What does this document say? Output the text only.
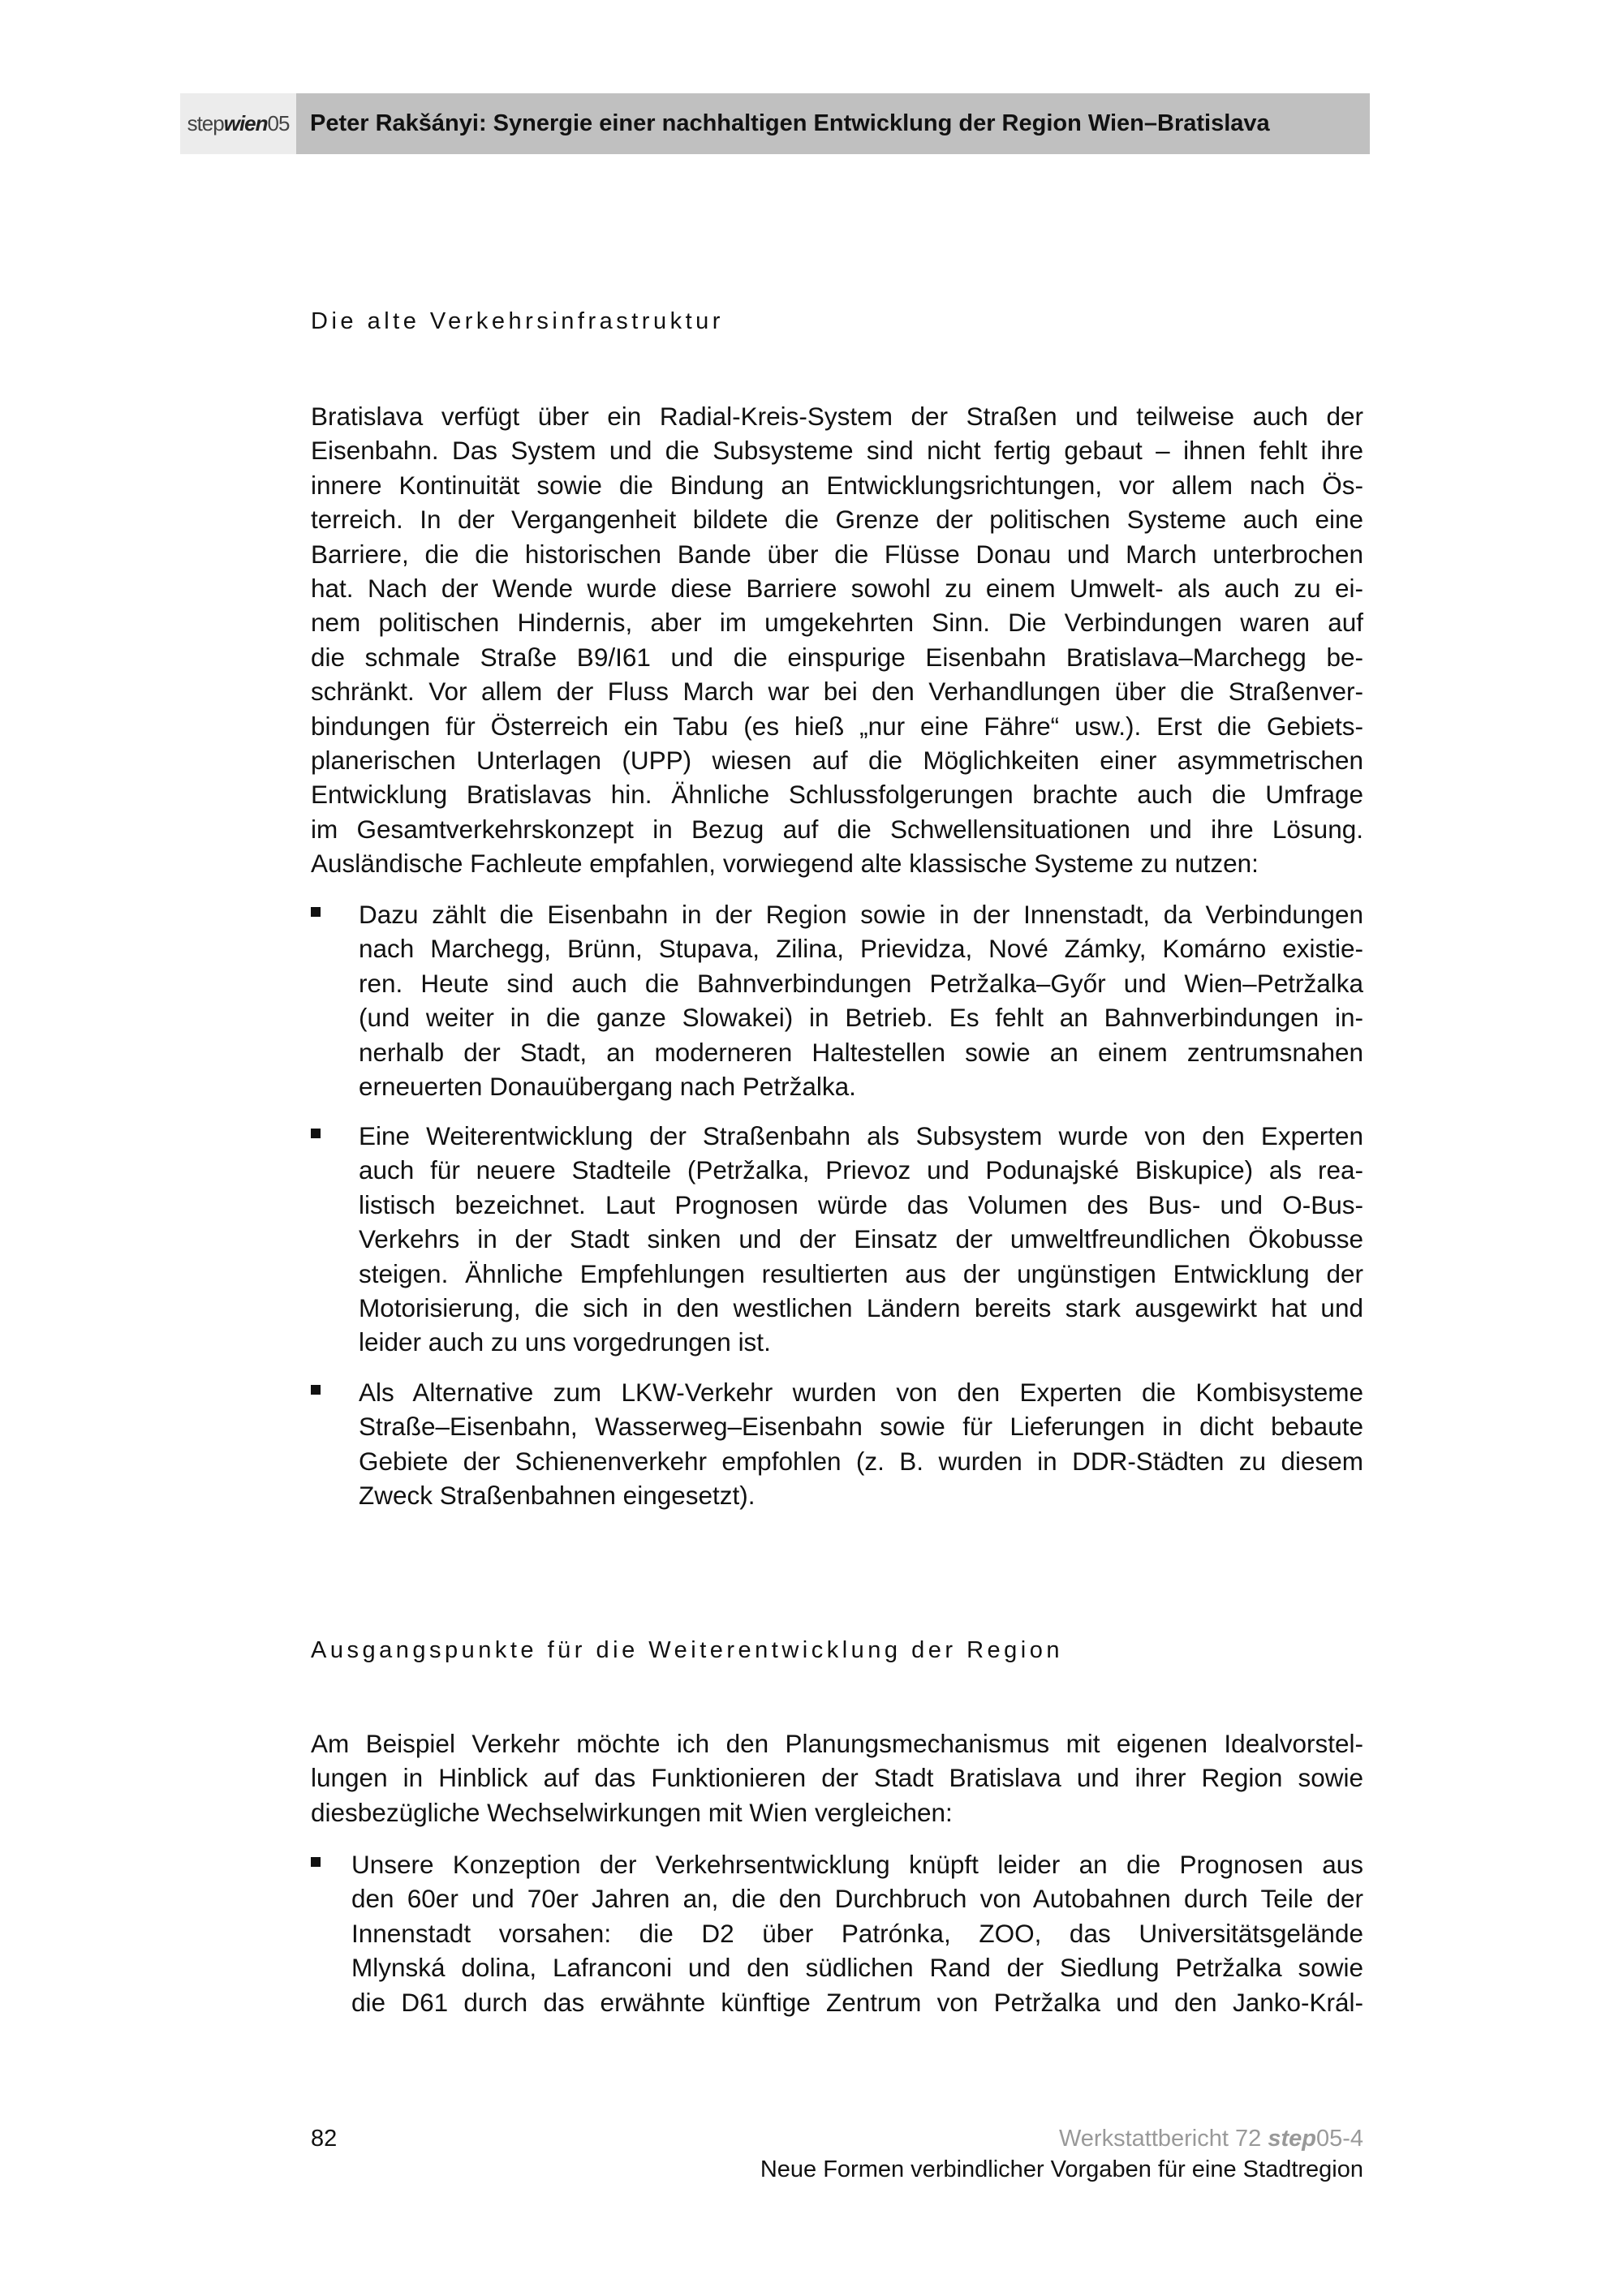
stepwien05 Peter Rakšányi: Synergie einer nachhaltigen Entwicklung der Region Wien–Bratislava
Die alte Verkehrsinfrastruktur
Bratislava verfügt über ein Radial-Kreis-System der Straßen und teilweise auch der
Eisenbahn. Das System und die Subsysteme sind nicht fertig gebaut – ihnen fehlt ihre
innere Kontinuität sowie die Bindung an Entwicklungsrichtungen, vor allem nach Ös-
terreich. In der Vergangenheit bildete die Grenze der politischen Systeme auch eine
Barriere, die die historischen Bande über die Flüsse Donau und March unterbrochen
hat. Nach der Wende wurde diese Barriere sowohl zu einem Umwelt- als auch zu ei-
nem politischen Hindernis, aber im umgekehrten Sinn. Die Verbindungen waren auf
die schmale Straße B9/I61 und die einspurige Eisenbahn Bratislava–Marchegg be-
schränkt. Vor allem der Fluss March war bei den Verhandlungen über die Straßenver-
bindungen für Österreich ein Tabu (es hieß „nur eine Fähre“ usw.). Erst die Gebiets-
planerischen Unterlagen (UPP) wiesen auf die Möglichkeiten einer asymmetrischen
Entwicklung Bratislavas hin. Ähnliche Schlussfolgerungen brachte auch die Umfrage
im Gesamtverkehrskonzept in Bezug auf die Schwellensituationen und ihre Lösung.
Ausländische Fachleute empfahlen, vorwiegend alte klassische Systeme zu nutzen:
Dazu zählt die Eisenbahn in der Region sowie in der Innenstadt, da Verbindungen
nach Marchegg, Brünn, Stupava, Zilina, Prievidza, Nové Zámky, Komárno existie-
ren. Heute sind auch die Bahnverbindungen Petržalka–Győr und Wien–Petržalka
(und weiter in die ganze Slowakei) in Betrieb. Es fehlt an Bahnverbindungen in-
nerhalb der Stadt, an moderneren Haltestellen sowie an einem zentrumsnahen
erneuerten Donauübergang nach Petržalka.
Eine Weiterentwicklung der Straßenbahn als Subsystem wurde von den Experten
auch für neuere Stadteile (Petržalka, Prievoz und Podunajské Biskupice) als rea-
listisch bezeichnet. Laut Prognosen würde das Volumen des Bus- und O-Bus-
Verkehrs in der Stadt sinken und der Einsatz der umweltfreundlichen Ökobusse
steigen. Ähnliche Empfehlungen resultierten aus der ungünstigen Entwicklung der
Motorisierung, die sich in den westlichen Ländern bereits stark ausgewirkt hat und
leider auch zu uns vorgedrungen ist.
Als Alternative zum LKW-Verkehr wurden von den Experten die Kombisysteme
Straße–Eisenbahn, Wasserweg–Eisenbahn sowie für Lieferungen in dicht bebaute
Gebiete der Schienenverkehr empfohlen (z. B. wurden in DDR-Städten zu diesem
Zweck Straßenbahnen eingesetzt).
Ausgangspunkte für die Weiterentwicklung der Region
Am Beispiel Verkehr möchte ich den Planungsmechanismus mit eigenen Idealvorstel-
lungen in Hinblick auf das Funktionieren der Stadt Bratislava und ihrer Region sowie
diesbezügliche Wechselwirkungen mit Wien vergleichen:
Unsere Konzeption der Verkehrsentwicklung knüpft leider an die Prognosen aus
den 60er und 70er Jahren an, die den Durchbruch von Autobahnen durch Teile der
Innenstadt vorsahen: die D2 über Patrónka, ZOO, das Universitätsgelände
Mlynská dolina, Lafranconi und den südlichen Rand der Siedlung Petržalka sowie
die D61 durch das erwähnte künftige Zentrum von Petržalka und den Janko-Král-
82	Werkstattbericht 72 step05-4
Neue Formen verbindlicher Vorgaben für eine Stadtregion
